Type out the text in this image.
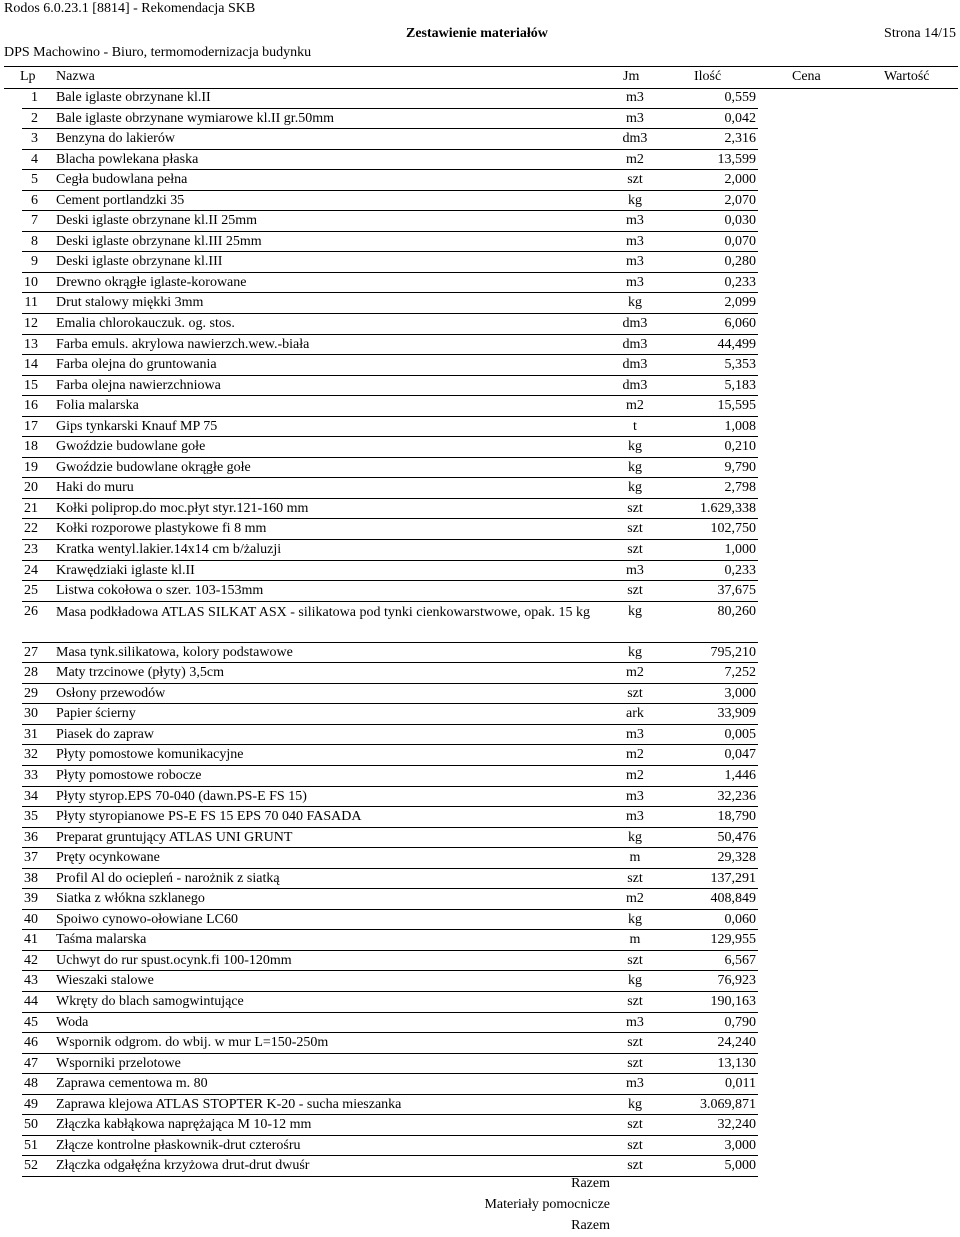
Rodos 6.0.23.1 [8814] - Rekomendacja SKB
Zestawienie materiałów	Strona 14/15
DPS Machowino - Biuro, termomodernizacja budynku
Lp Nazwa	Jm	Ilość	Cena	Wartość
1 Bale iglaste obrzynane kl.II	m3	0,559
2 Bale iglaste obrzynane wymiarowe kl.II gr.50mm	m3	0,042
3 Benzyna do lakierów	dm3	2,316
4 Blacha powlekana płaska	m2	13,599
5 Cegła budowlana pełna	szt	2,000
6 Cement portlandzki 35	kg	2,070
7 Deski iglaste obrzynane kl.II 25mm	m3	0,030
8 Deski iglaste obrzynane kl.III 25mm	m3	0,070
9 Deski iglaste obrzynane kl.III	m3	0,280
10 Drewno okrągłe iglaste-korowane	m3	0,233
11 Drut stalowy miękki 3mm	kg	2,099
12 Emalia chlorokauczuk. og. stos.	dm3	6,060
13 Farba emuls. akrylowa nawierzch.wew.-biała	dm3	44,499
14 Farba olejna do gruntowania	dm3	5,353
15 Farba olejna nawierzchniowa	dm3	5,183
16 Folia malarska	m2	15,595
17 Gips tynkarski Knauf MP 75	t	1,008
18 Gwoździe budowlane gołe	kg	0,210
19 Gwoździe budowlane okrągłe gołe	kg	9,790
20 Haki do muru	kg	2,798
21 Kołki poliprop.do moc.płyt styr.121-160 mm	szt	1.629,338
22 Kołki rozporowe plastykowe fi 8 mm	szt	102,750
23 Kratka wentyl.lakier.14x14 cm b/żaluzji	szt	1,000
24 Krawędziaki iglaste kl.II	m3	0,233
25 Listwa cokołowa o szer. 103-153mm	szt	37,675
26 Masa podkładowa ATLAS SILKAT ASX - silikatowa pod tynki cienkowarstwowe, opak. 15 kg	kg	80,260
27 Masa tynk.silikatowa, kolory podstawowe	kg	795,210
28 Maty trzcinowe (płyty) 3,5cm	m2	7,252
29 Osłony przewodów	szt	3,000
30 Papier ścierny	ark	33,909
31 Piasek do zapraw	m3	0,005
32 Płyty pomostowe komunikacyjne	m2	0,047
33 Płyty pomostowe robocze	m2	1,446
34 Płyty styrop.EPS 70-040 (dawn.PS-E FS 15)	m3	32,236
35 Płyty styropianowe PS-E FS 15 EPS 70 040 FASADA	m3	18,790
36 Preparat gruntujący ATLAS UNI GRUNT	kg	50,476
37 Pręty ocynkowane	m	29,328
38 Profil Al do ociepleń - narożnik z siatką	szt	137,291
39 Siatka z włókna szklanego	m2	408,849
40 Spoiwo cynowo-ołowiane LC60	kg	0,060
41 Taśma malarska	m	129,955
42 Uchwyt do rur spust.ocynk.fi 100-120mm	szt	6,567
43 Wieszaki stalowe	kg	76,923
44 Wkręty do blach samogwintujące	szt	190,163
45 Woda	m3	0,790
46 Wspornik odgrom. do wbij. w mur L=150-250m	szt	24,240
47 Wsporniki przelotowe	szt	13,130
48 Zaprawa cementowa m. 80	m3	0,011
49 Zaprawa klejowa ATLAS STOPTER K-20 - sucha mieszanka	kg	3.069,871
50 Złączka kabłąkowa naprężająca M 10-12 mm	szt	32,240
51 Złącze kontrolne płaskownik-drut czterośru	szt	3,000
52 Złączka odgałęźna krzyżowa drut-drut dwuśr	szt	5,000
Razem
Materiały pomocnicze
Razem
